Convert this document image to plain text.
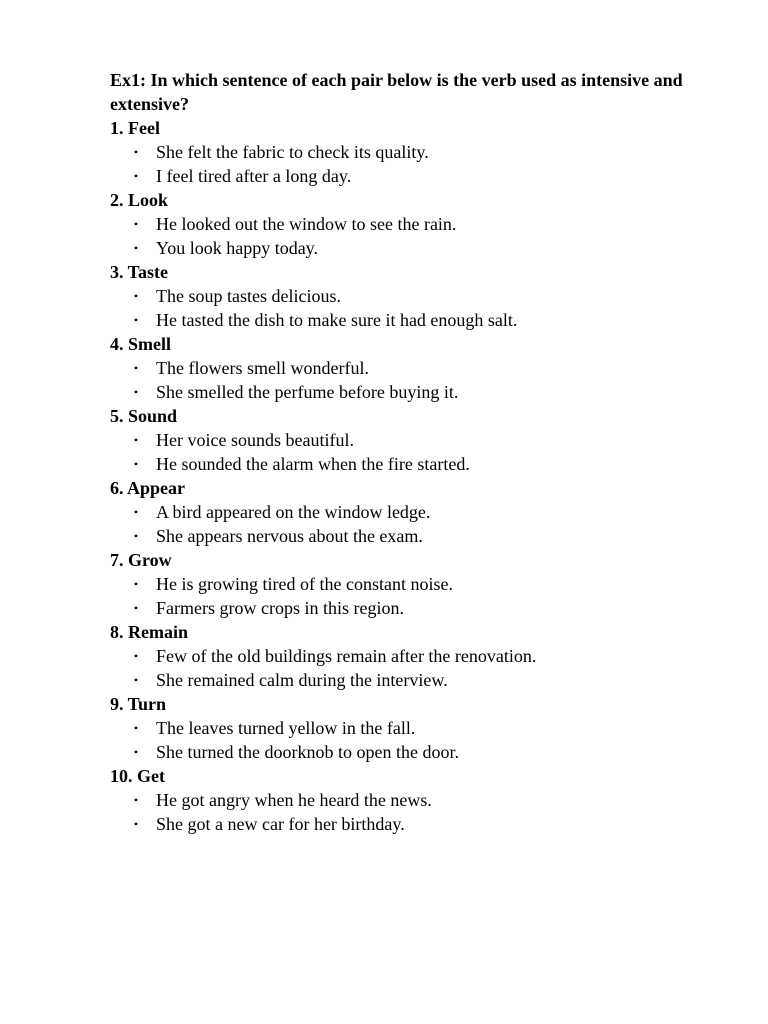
Ex1: In which sentence of each pair below is the verb used as intensive and extensive?

1. Feel

• She felt the fabric to check its quality.
• I feel tired after a long day.

2. Look

• He looked out the window to see the rain.
• You look happy today.

3. Taste

• The soup tastes delicious.
• He tasted the dish to make sure it had enough salt.

4. Smell

• The flowers smell wonderful.
• She smelled the perfume before buying it.

5. Sound

• Her voice sounds beautiful.
• He sounded the alarm when the fire started.

6. Appear

• A bird appeared on the window ledge.
• She appears nervous about the exam.

7. Grow

• He is growing tired of the constant noise.
• Farmers grow crops in this region.

8. Remain

• Few of the old buildings remain after the renovation.
• She remained calm during the interview.

9. Turn

• The leaves turned yellow in the fall.
• She turned the doorknob to open the door.

10. Get

• He got angry when he heard the news.
• She got a new car for her birthday.
